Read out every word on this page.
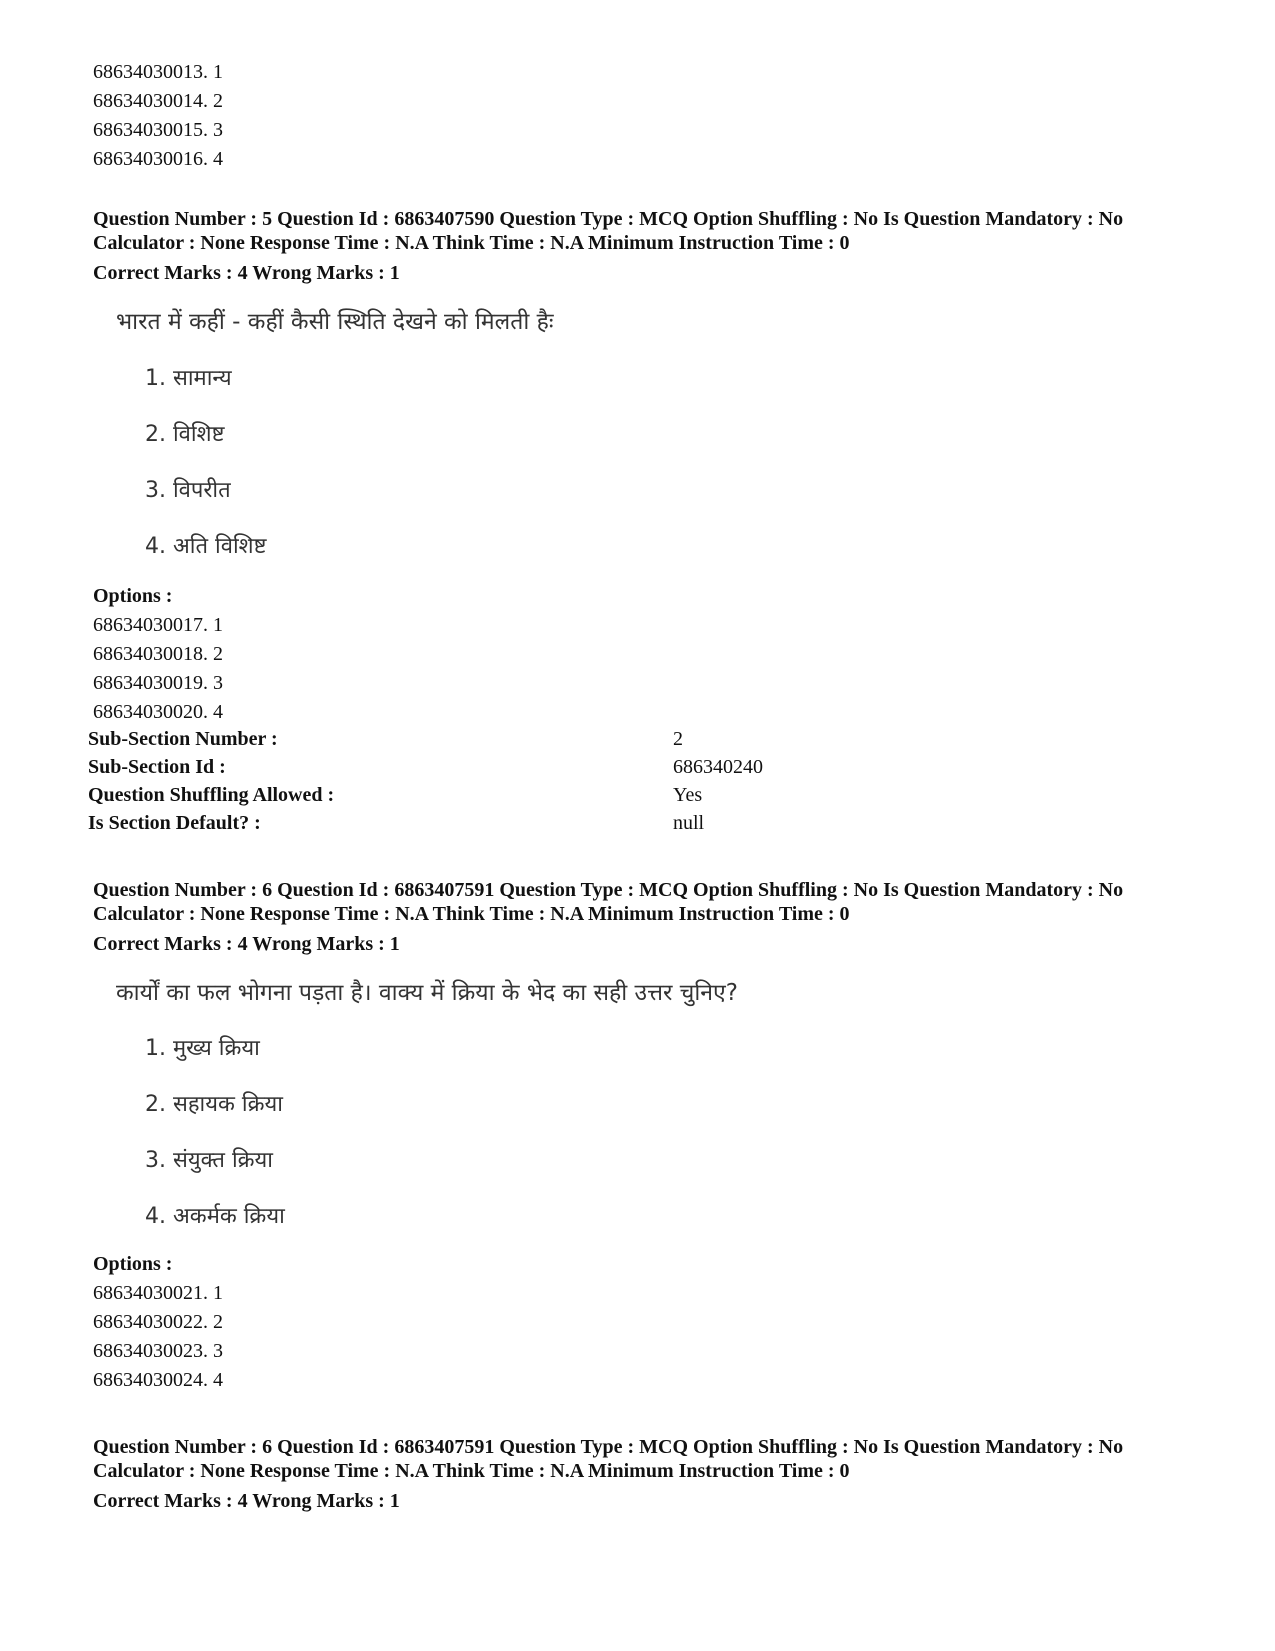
68634030013. 1
68634030014. 2
68634030015. 3
68634030016. 4
Question Number : 5 Question Id : 6863407590 Question Type : MCQ Option Shuffling : No Is Question Mandatory : No
Calculator : None Response Time : N.A Think Time : N.A Minimum Instruction Time : 0
Correct Marks : 4 Wrong Marks : 1
भारत में कहीं - कहीं कैसी स्थिति देखने को मिलती हैः
1. सामान्य
2. विशिष्ट
3. विपरीत
4. अति विशिष्ट
Options :
68634030017. 1
68634030018. 2
68634030019. 3
68634030020. 4
Sub-Section Number :	2
Sub-Section Id :	686340240
Question Shuffling Allowed :	Yes
Is Section Default? :	null
Question Number : 6 Question Id : 6863407591 Question Type : MCQ Option Shuffling : No Is Question Mandatory : No
Calculator : None Response Time : N.A Think Time : N.A Minimum Instruction Time : 0
Correct Marks : 4 Wrong Marks : 1
कार्यों का फल भोगना पड़ता है। वाक्य में क्रिया के भेद का सही उत्तर चुनिए?
1. मुख्य क्रिया
2. सहायक क्रिया
3. संयुक्त क्रिया
4. अकर्मक क्रिया
Options :
68634030021. 1
68634030022. 2
68634030023. 3
68634030024. 4
Question Number : 6 Question Id : 6863407591 Question Type : MCQ Option Shuffling : No Is Question Mandatory : No
Calculator : None Response Time : N.A Think Time : N.A Minimum Instruction Time : 0
Correct Marks : 4 Wrong Marks : 1
